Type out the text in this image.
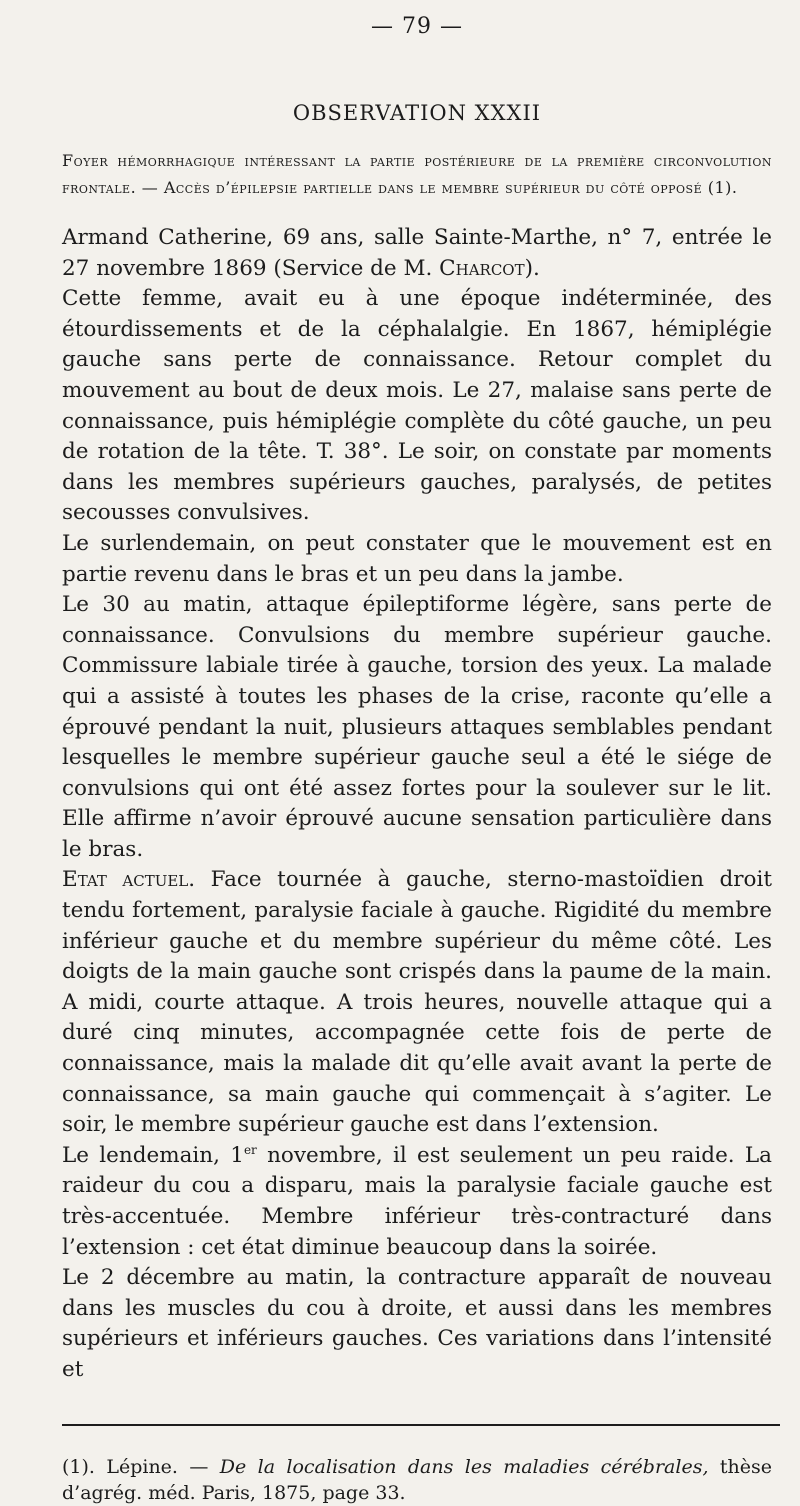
— 79 —
OBSERVATION XXXII

Foyer hémorrhagique intéressant la partie postérieure de la première circonvolution frontale. — Accès d’épilepsie partielle dans le membre supérieur du côté opposé (1).

Armand Catherine, 69 ans, salle Sainte-Marthe, n° 7, entrée le 27 novembre 1869 (Service de M. Charcot).

Cette femme, avait eu à une époque indéterminée, des étourdissements et de la céphalalgie. En 1867, hémiplégie gauche sans perte de connaissance. Retour complet du mouvement au bout de deux mois. Le 27, malaise sans perte de connaissance, puis hémiplégie complète du côté gauche, un peu de rotation de la tête. T. 38°. Le soir, on constate par moments dans les membres supérieurs gauches, paralysés, de petites secousses convulsives.

Le surlendemain, on peut constater que le mouvement est en partie revenu dans le bras et un peu dans la jambe.

Le 30 au matin, attaque épileptiforme légère, sans perte de connaissance. Convulsions du membre supérieur gauche. Commissure labiale tirée à gauche, torsion des yeux. La malade qui a assisté à toutes les phases de la crise, raconte qu’elle a éprouvé pendant la nuit, plusieurs attaques semblables pendant lesquelles le membre supérieur gauche seul a été le siége de convulsions qui ont été assez fortes pour la soulever sur le lit. Elle affirme n’avoir éprouvé aucune sensation particulière dans le bras.

Etat actuel. Face tournée à gauche, sterno-mastoïdien droit tendu fortement, paralysie faciale à gauche. Rigidité du membre inférieur gauche et du membre supérieur du même côté. Les doigts de la main gauche sont crispés dans la paume de la main. A midi, courte attaque. A trois heures, nouvelle attaque qui a duré cinq minutes, accompagnée cette fois de perte de connaissance, mais la malade dit qu’elle avait avant la perte de connaissance, sa main gauche qui commençait à s’agiter. Le soir, le membre supérieur gauche est dans l’extension.

Le lendemain, 1er novembre, il est seulement un peu raide. La raideur du cou a disparu, mais la paralysie faciale gauche est très-accentuée. Membre inférieur très-contracturé dans l’extension : cet état diminue beaucoup dans la soirée.

Le 2 décembre au matin, la contracture apparaît de nouveau dans les muscles du cou à droite, et aussi dans les membres supérieurs et inférieurs gauches. Ces variations dans l’intensité et

(1). Lépine. — De la localisation dans les maladies cérébrales, thèse d’agrég. méd. Paris, 1875, page 33.
